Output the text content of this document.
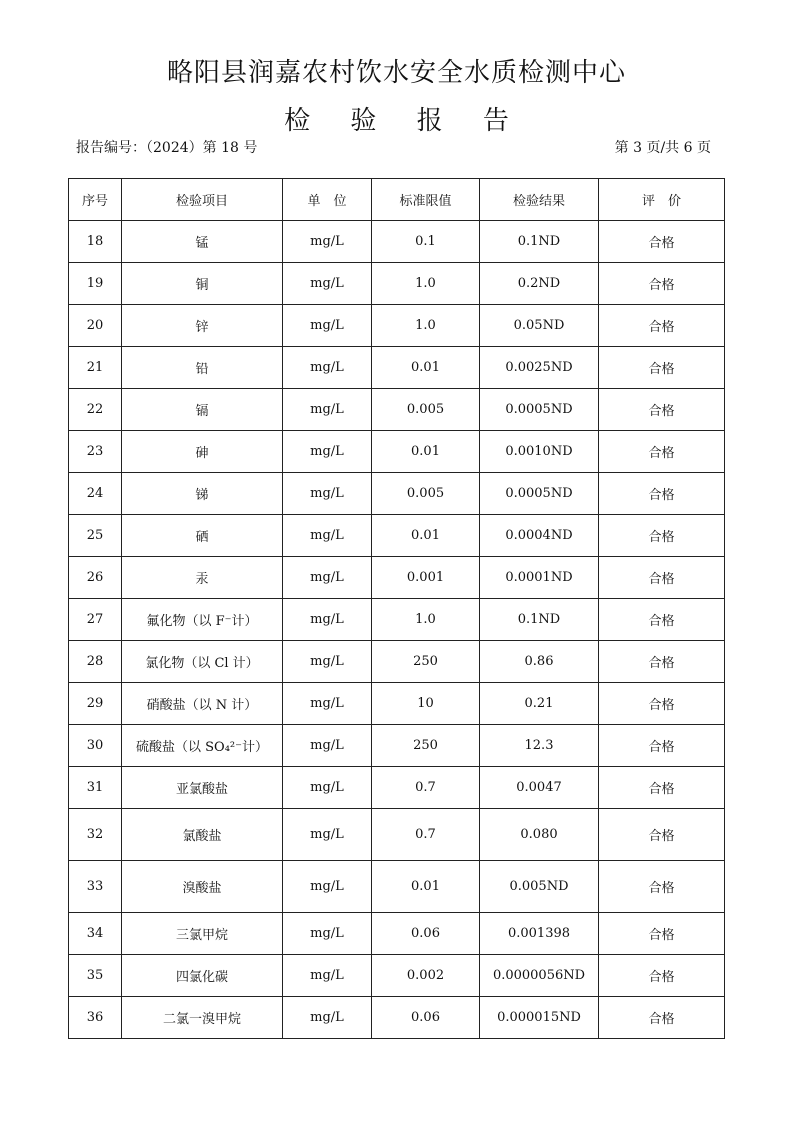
略阳县润嘉农村饮水安全水质检测中心
检 验 报 告
报告编号：（2024）第 18 号	第 3 页/共 6 页
序号	检验项目	单　位	标准限值	检验结果	评　价
18	锰	mg/L	0.1	0.1ND	合格
19	铜	mg/L	1.0	0.2ND	合格
20	锌	mg/L	1.0	0.05ND	合格
21	铅	mg/L	0.01	0.0025ND	合格
22	镉	mg/L	0.005	0.0005ND	合格
23	砷	mg/L	0.01	0.0010ND	合格
24	锑	mg/L	0.005	0.0005ND	合格
25	硒	mg/L	0.01	0.0004ND	合格
26	汞	mg/L	0.001	0.0001ND	合格
27	氟化物（以 F⁻计）	mg/L	1.0	0.1ND	合格
28	氯化物（以 Cl 计）	mg/L	250	0.86	合格
29	硝酸盐（以 N 计）	mg/L	10	0.21	合格
30	硫酸盐（以 SO₄²⁻计）	mg/L	250	12.3	合格
31	亚氯酸盐	mg/L	0.7	0.0047	合格
32	氯酸盐	mg/L	0.7	0.080	合格
33	溴酸盐	mg/L	0.01	0.005ND	合格
34	三氯甲烷	mg/L	0.06	0.001398	合格
35	四氯化碳	mg/L	0.002	0.0000056ND	合格
36	二氯一溴甲烷	mg/L	0.06	0.000015ND	合格
